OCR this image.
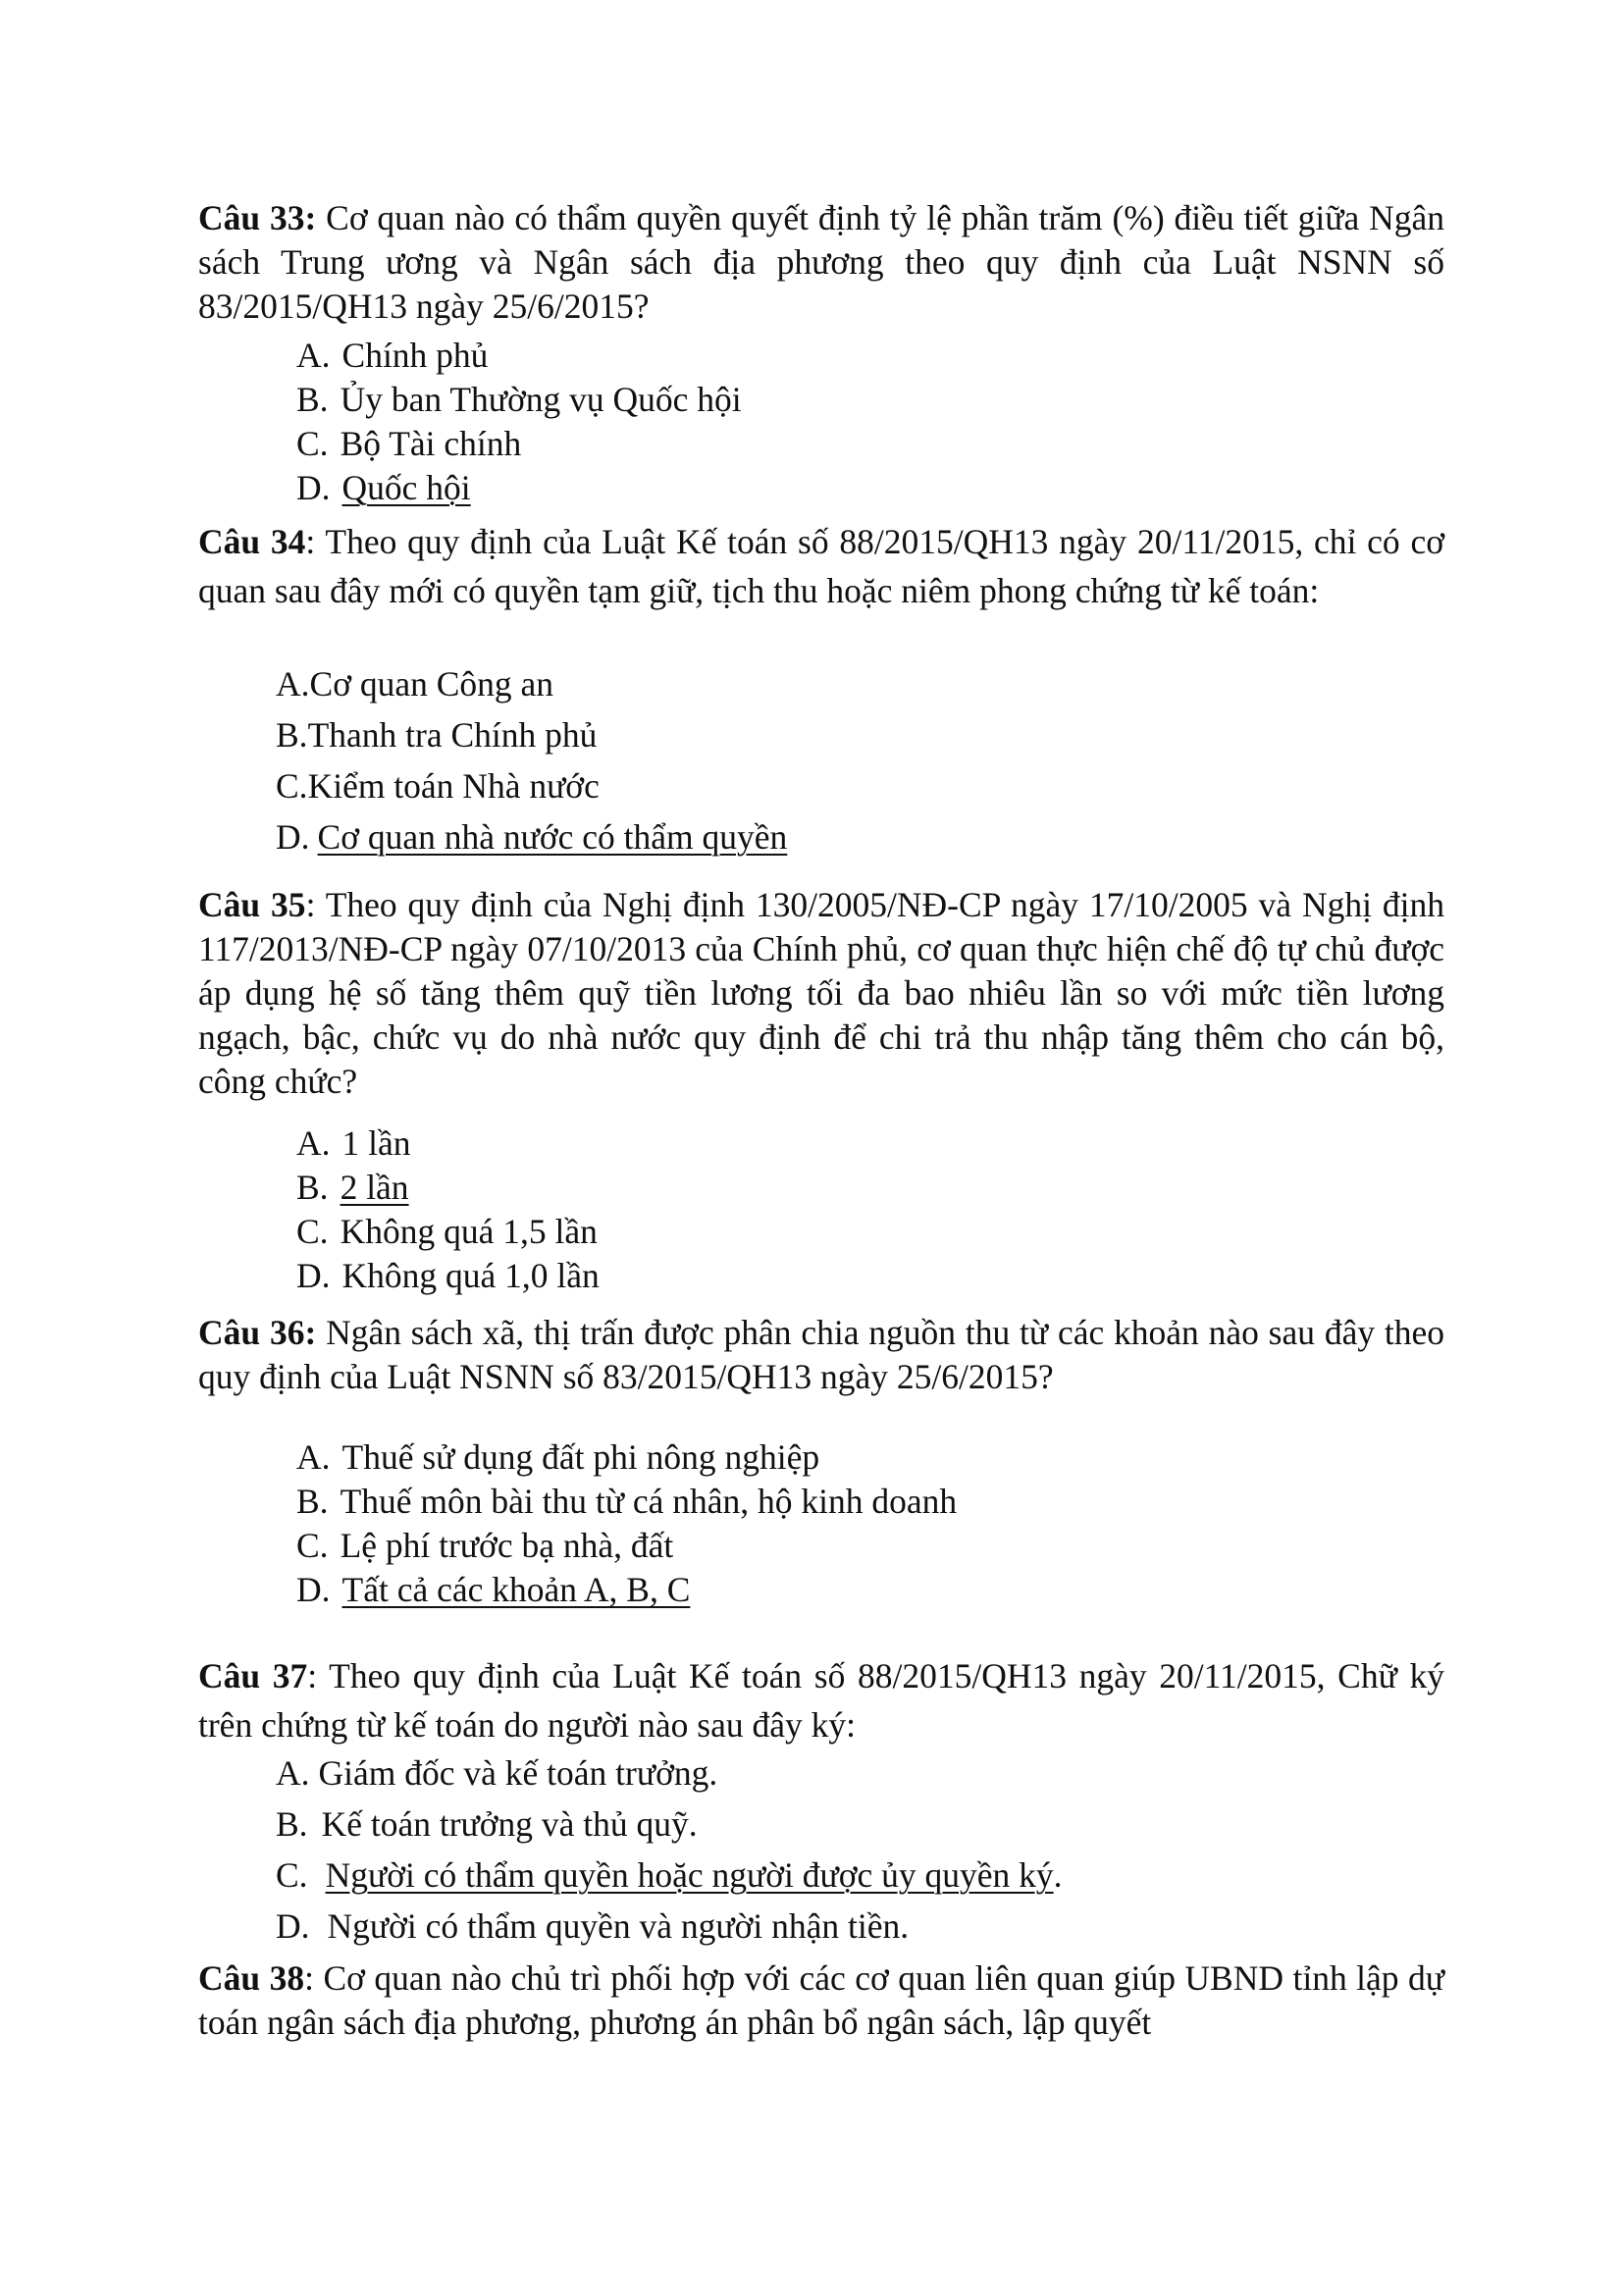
Câu 33: Cơ quan nào có thẩm quyền quyết định tỷ lệ phần trăm (%) điều tiết giữa Ngân sách Trung ương và Ngân sách địa phương theo quy định của Luật NSNN số 83/2015/QH13 ngày 25/6/2015?
A. Chính phủ
B. Ủy ban Thường vụ Quốc hội
C. Bộ Tài chính
D. Quốc hội
Câu 34: Theo quy định của Luật Kế toán số 88/2015/QH13 ngày 20/11/2015, chỉ có cơ quan sau đây mới có quyền tạm giữ, tịch thu hoặc niêm phong chứng từ kế toán:
A.Cơ quan Công an
B.Thanh tra Chính phủ
C.Kiểm toán Nhà nước
D. Cơ quan nhà nước có thẩm quyền
Câu 35: Theo quy định của Nghị định 130/2005/NĐ-CP ngày 17/10/2005 và Nghị định 117/2013/NĐ-CP ngày 07/10/2013 của Chính phủ, cơ quan thực hiện chế độ tự chủ được áp dụng hệ số tăng thêm quỹ tiền lương tối đa bao nhiêu lần so với mức tiền lương ngạch, bậc, chức vụ do nhà nước quy định để chi trả thu nhập tăng thêm cho cán bộ, công chức?
A. 1 lần
B. 2 lần
C. Không quá 1,5 lần
D. Không quá 1,0 lần
Câu 36: Ngân sách xã, thị trấn được phân chia nguồn thu từ các khoản nào sau đây theo quy định của Luật NSNN số 83/2015/QH13 ngày 25/6/2015?
A. Thuế sử dụng đất phi nông nghiệp
B. Thuế môn bài thu từ cá nhân, hộ kinh doanh
C. Lệ phí trước bạ nhà, đất
D. Tất cả các khoản A, B, C
Câu 37: Theo quy định của Luật Kế toán số 88/2015/QH13 ngày 20/11/2015, Chữ ký trên chứng từ kế toán do người nào sau đây ký:
A. Giám đốc và kế toán trưởng.
B. Kế toán trưởng và thủ quỹ.
C. Người có thẩm quyền hoặc người được ủy quyền ký.
D. Người có thẩm quyền và người nhận tiền.
Câu 38: Cơ quan nào chủ trì phối hợp với các cơ quan liên quan giúp UBND tỉnh lập dự toán ngân sách địa phương, phương án phân bổ ngân sách, lập quyết
